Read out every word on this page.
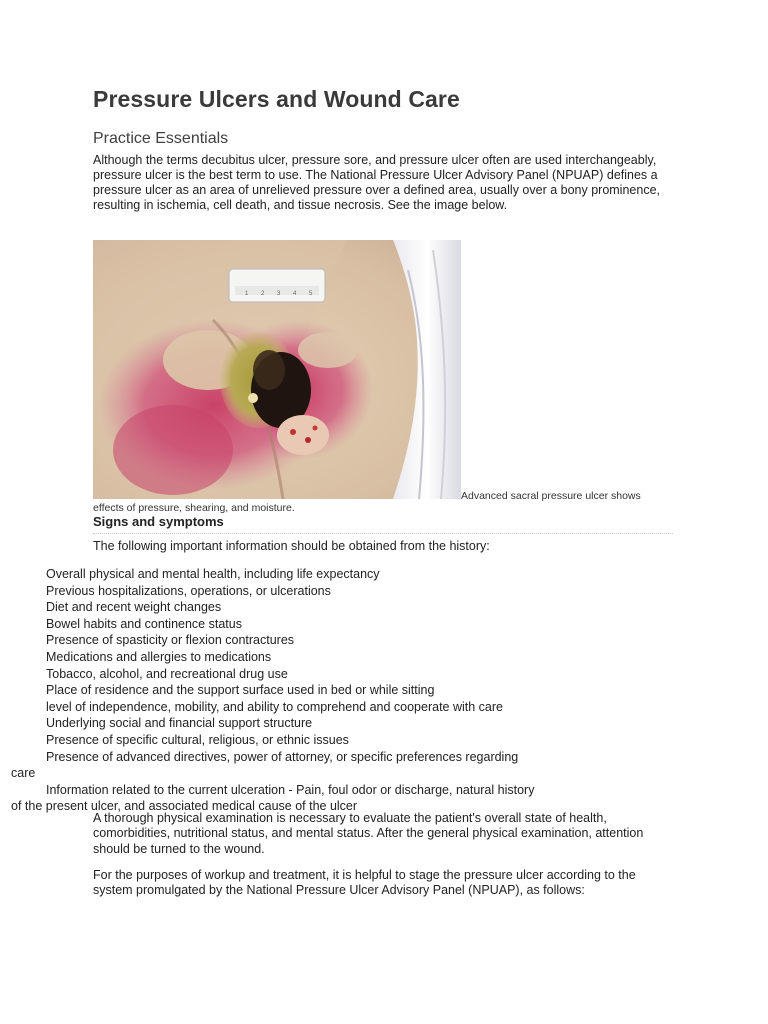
Pressure Ulcers and Wound Care
Practice Essentials

Although the terms decubitus ulcer, pressure sore, and pressure ulcer often are used interchangeably, pressure ulcer is the best term to use. The National Pressure Ulcer Advisory Panel (NPUAP) defines a pressure ulcer as an area of unrelieved pressure over a defined area, usually over a bony prominence, resulting in ischemia, cell death, and tissue necrosis. See the image below.

1 2 3 4 5
Advanced sacral pressure ulcer shows
effects of pressure, shearing, and moisture.
Signs and symptoms

The following important information should be obtained from the history:

Overall physical and mental health, including life expectancy
Previous hospitalizations, operations, or ulcerations
Diet and recent weight changes
Bowel habits and continence status
Presence of spasticity or flexion contractures
Medications and allergies to medications
Tobacco, alcohol, and recreational drug use
Place of residence and the support surface used in bed or while sitting
level of independence, mobility, and ability to comprehend and cooperate with care
Underlying social and financial support structure
Presence of specific cultural, religious, or ethnic issues
Presence of advanced directives, power of attorney, or specific preferences regarding
care
Information related to the current ulceration - Pain, foul odor or discharge, natural history
of the present ulcer, and associated medical cause of the ulcer

A thorough physical examination is necessary to evaluate the patient's overall state of health, comorbidities, nutritional status, and mental status. After the general physical examination, attention should be turned to the wound.

For the purposes of workup and treatment, it is helpful to stage the pressure ulcer according to the system promulgated by the National Pressure Ulcer Advisory Panel (NPUAP), as follows:
